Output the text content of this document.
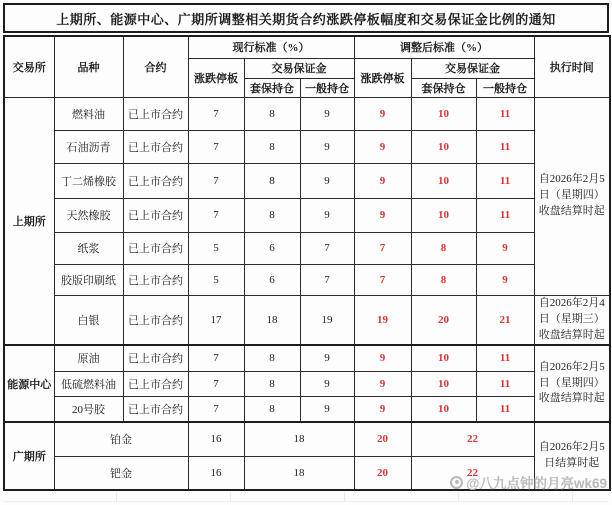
上期所、能源中心、广期所调整相关期货合约涨跌停板幅度和交易保证金比例的通知
交易所	品种	合约	现行标准（%）			调整后标准（%）			执行时间
			涨跌停板	交易保证金		涨跌停板	交易保证金		
				套保持仓	一般持仓		套保持仓	一般持仓	
上期所	燃料油	已上市合约	7	8	9	9	10	11	自2026年2月5日（星期四）收盘结算时起
	石油沥青	已上市合约	7	8	9	9	10	11	
	丁二烯橡胶	已上市合约	7	8	9	9	10	11	
	天然橡胶	已上市合约	7	8	9	9	10	11	
	纸浆	已上市合约	5	6	7	7	8	9	
	胶版印刷纸	已上市合约	5	6	7	7	8	9	
	白银	已上市合约	17	18	19	19	20	21	自2026年2月4日（星期三）收盘结算时起
能源中心	原油	已上市合约	7	8	9	9	10	11	自2026年2月5日（星期四）收盘结算时起
	低硫燃料油	已上市合约	7	8	9	9	10	11	
	20号胶	已上市合约	7	8	9	9	10	11	
广期所	铂金		16	18		20	22		自2026年2月5日结算时起
	钯金		16	18		20	22		
@八九点钟的月亮wk69
